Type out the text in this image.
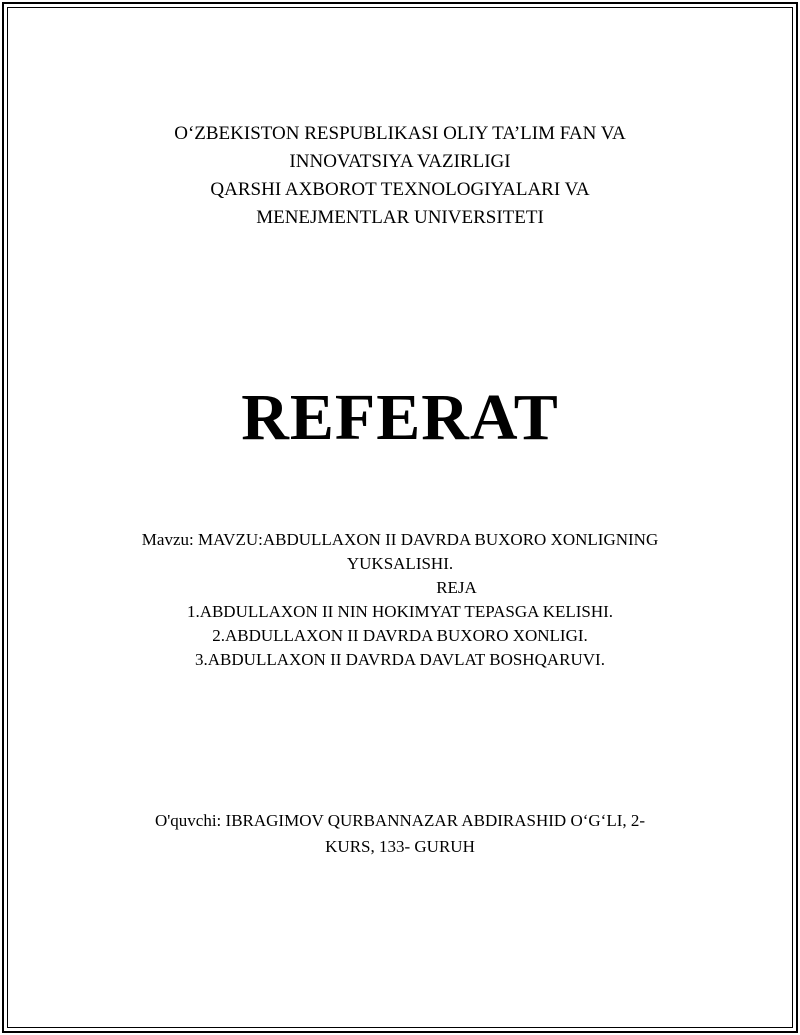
O‘ZBEKISTON RESPUBLIKASI OLIY TA’LIM FAN VA
INNOVATSIYA VAZIRLIGI
QARSHI AXBOROT TEXNOLOGIYALARI VA
MENEJMENTLAR UNIVERSITETI
REFERAT
Mavzu: MAVZU:ABDULLAXON II DAVRDA BUXORO XONLIGNING
YUKSALISHI.
REJA
1.ABDULLAXON II NIN HOKIMYAT TEPASGA KELISHI.
2.ABDULLAXON II DAVRDA BUXORO XONLIGI.
3.ABDULLAXON II DAVRDA DAVLAT BOSHQARUVI.
O'quvchi: IBRAGIMOV QURBANNAZAR ABDIRASHID O‘G‘LI, 2-
KURS, 133- GURUH
